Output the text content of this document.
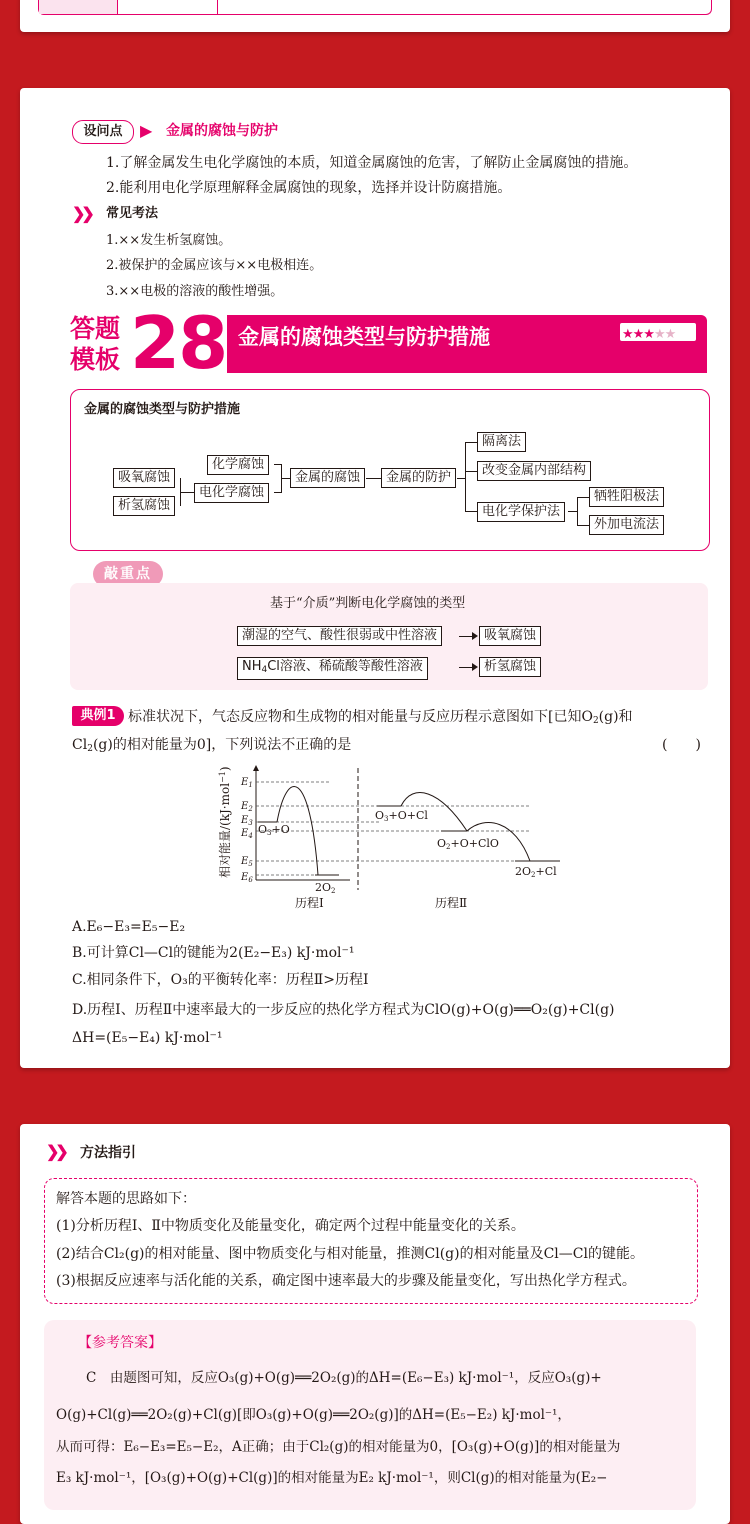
设问点	▶ 金属的腐蚀与防护
1.了解金属发生电化学腐蚀的本质，知道金属腐蚀的危害，了解防止金属腐蚀的措施。
2.能利用电化学原理解释金属腐蚀的现象，选择并设计防腐措施。
❯❯ 常见考法
1.××发生析氢腐蚀。
2.被保护的金属应该与××电极相连。
3.××电极的溶液的酸性增强。
答题
模板 28 金属的腐蚀类型与防护措施	★★★★★
金属的腐蚀类型与防护措施
吸氧腐蚀
析氢腐蚀
化学腐蚀
电化学腐蚀
金属的腐蚀	金属的防护
隔离法
改变金属内部结构
电化学保护法
牺牲阳极法
外加电流法
敲重点
基于“介质”判断电化学腐蚀的类型
潮湿的空气、酸性很弱或中性溶液	吸氧腐蚀
$NH_4Cl$溶液、稀硫酸等酸性溶液	析氢腐蚀
典例1 标准状况下，气态反应物和生成物的相对能量与反应历程示意图如下[已知$O_2(g)$和
$Cl_2(g)$的相对能量为0]，下列说法不正确的是	(　　)
相对能量/(kJ·mol$^{-1}$)
$E_1$
$E_2$
$E_3$
$E_4$
$E_5$
$E_6$
O3+O
2O2
O3+O+Cl
O2+O+ClO
2O2+Cl
历程Ⅰ	历程Ⅱ
A.E₆−E₃=E₅−E₂
B.可计算Cl—Cl的键能为2(E₂−E₃) kJ·mol⁻¹
C.相同条件下，O₃的平衡转化率：历程Ⅱ>历程Ⅰ
D.历程Ⅰ、历程Ⅱ中速率最大的一步反应的热化学方程式为ClO(g)+O(g)══O₂(g)+Cl(g)
ΔH=(E₅−E₄) kJ·mol⁻¹
❯❯ 方法指引
解答本题的思路如下：
(1)分析历程Ⅰ、Ⅱ中物质变化及能量变化，确定两个过程中能量变化的关系。
(2)结合Cl₂(g)的相对能量、图中物质变化与相对能量，推测Cl(g)的相对能量及Cl—Cl的键能。
(3)根据反应速率与活化能的关系，确定图中速率最大的步骤及能量变化，写出热化学方程式。
【参考答案】
C　由题图可知，反应O₃(g)+O(g)══2O₂(g)的ΔH=(E₆−E₃) kJ·mol⁻¹，反应O₃(g)+
O(g)+Cl(g)══2O₂(g)+Cl(g)[即O₃(g)+O(g)══2O₂(g)]的ΔH=(E₅−E₂) kJ·mol⁻¹，
从而可得：E₆−E₃=E₅−E₂，A正确；由于Cl₂(g)的相对能量为0，[O₃(g)+O(g)]的相对能量为
E₃ kJ·mol⁻¹，[O₃(g)+O(g)+Cl(g)]的相对能量为E₂ kJ·mol⁻¹，则Cl(g)的相对能量为(E₂−
